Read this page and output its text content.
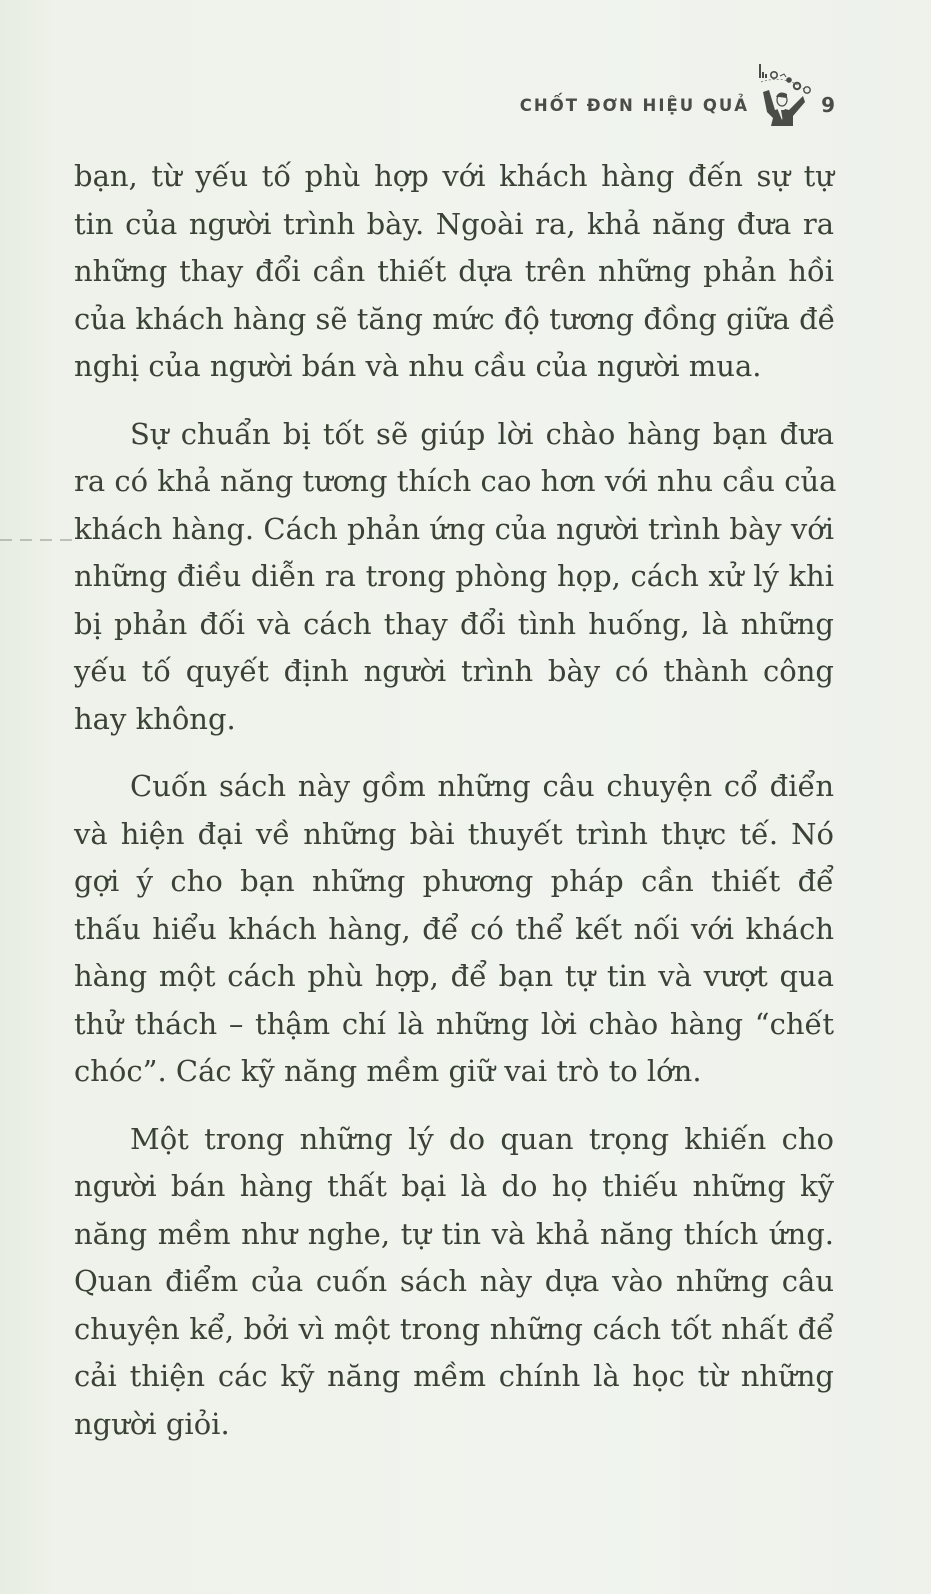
CHỐT ĐƠN HIỆU QUẢ	9

bạn, từ yếu tố phù hợp với khách hàng đến sự tự
tin của người trình bày. Ngoài ra, khả năng đưa ra
những thay đổi cần thiết dựa trên những phản hồi
của khách hàng sẽ tăng mức độ tương đồng giữa đề
nghị của người bán và nhu cầu của người mua.

Sự chuẩn bị tốt sẽ giúp lời chào hàng bạn đưa
ra có khả năng tương thích cao hơn với nhu cầu của
khách hàng. Cách phản ứng của người trình bày với
những điều diễn ra trong phòng họp, cách xử lý khi
bị phản đối và cách thay đổi tình huống, là những
yếu tố quyết định người trình bày có thành công
hay không.

Cuốn sách này gồm những câu chuyện cổ điển
và hiện đại về những bài thuyết trình thực tế. Nó
gợi ý cho bạn những phương pháp cần thiết để
thấu hiểu khách hàng, để có thể kết nối với khách
hàng một cách phù hợp, để bạn tự tin và vượt qua
thử thách – thậm chí là những lời chào hàng “chết
chóc”. Các kỹ năng mềm giữ vai trò to lớn.

Một trong những lý do quan trọng khiến cho
người bán hàng thất bại là do họ thiếu những kỹ
năng mềm như nghe, tự tin và khả năng thích ứng.
Quan điểm của cuốn sách này dựa vào những câu
chuyện kể, bởi vì một trong những cách tốt nhất để
cải thiện các kỹ năng mềm chính là học từ những
người giỏi.
